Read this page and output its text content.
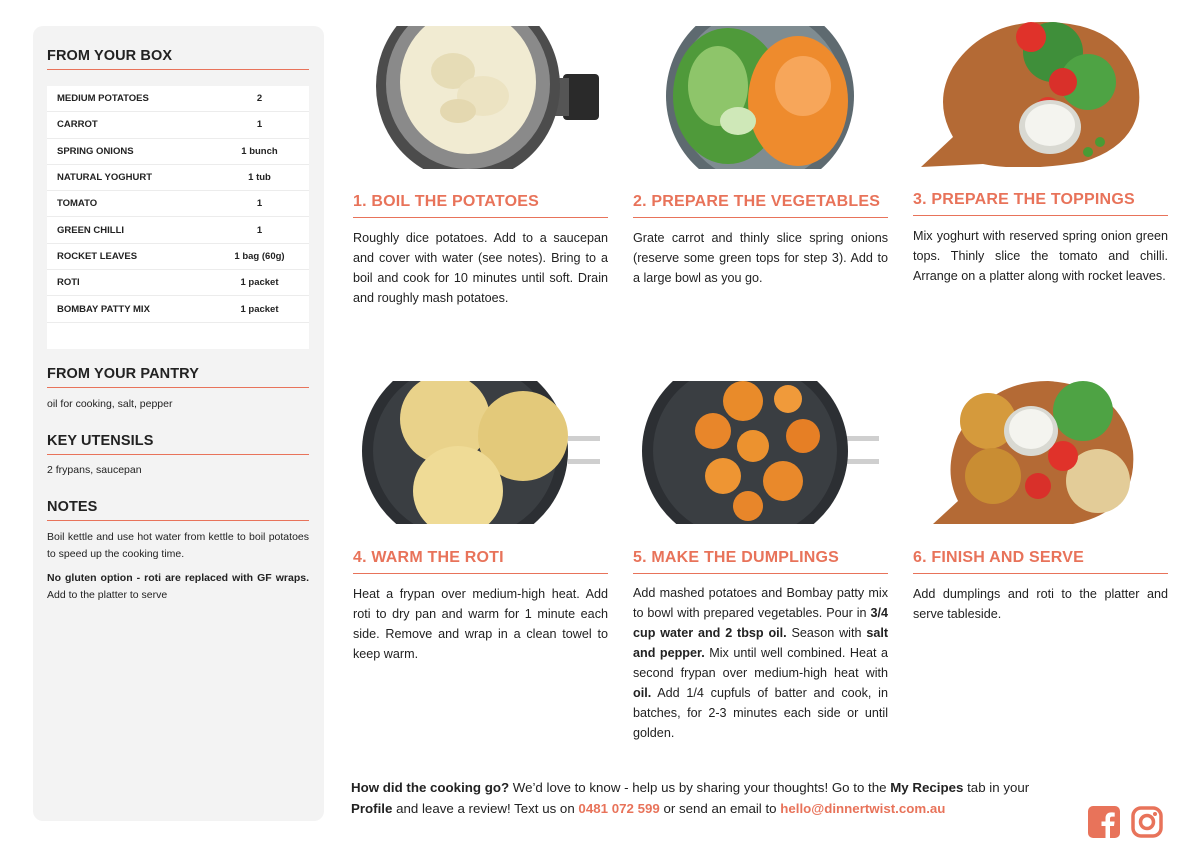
FROM YOUR BOX
MEDIUM POTATOES	2
CARROT	1
SPRING ONIONS	1 bunch
NATURAL YOGHURT	1 tub
TOMATO	1
GREEN CHILLI	1
ROCKET LEAVES	1 bag (60g)
ROTI	1 packet
BOMBAY PATTY MIX	1 packet
FROM YOUR PANTRY
oil for cooking, salt, pepper
KEY UTENSILS
2 frypans, saucepan
NOTES
Boil kettle and use hot water from kettle to boil potatoes to speed up the cooking time.
No gluten option - roti are replaced with GF wraps. Add to the platter to serve
1. BOIL THE POTATOES
Roughly dice potatoes. Add to a saucepan and cover with water (see notes). Bring to a boil and cook for 10 minutes until soft. Drain and roughly mash potatoes.
2. PREPARE THE VEGETABLES
Grate carrot and thinly slice spring onions (reserve some green tops for step 3). Add to a large bowl as you go.
3. PREPARE THE TOPPINGS
Mix yoghurt with reserved spring onion green tops. Thinly slice the tomato and chilli. Arrange on a platter along with rocket leaves.
4. WARM THE ROTI
Heat a frypan over medium-high heat. Add roti to dry pan and warm for 1 minute each side. Remove and wrap in a clean towel to keep warm.
5. MAKE THE DUMPLINGS
Add mashed potatoes and Bombay patty mix to bowl with prepared vegetables. Pour in 3/4 cup water and 2 tbsp oil. Season with salt and pepper. Mix until well combined. Heat a second frypan over medium-high heat with oil. Add 1/4 cupfuls of batter and cook, in batches, for 2-3 minutes each side or until golden.
6. FINISH AND SERVE
Add dumplings and roti to the platter and serve tableside.
How did the cooking go? We’d love to know - help us by sharing your thoughts! Go to the My Recipes tab in your Profile and leave a review! Text us on 0481 072 599 or send an email to hello@dinnertwist.com.au
